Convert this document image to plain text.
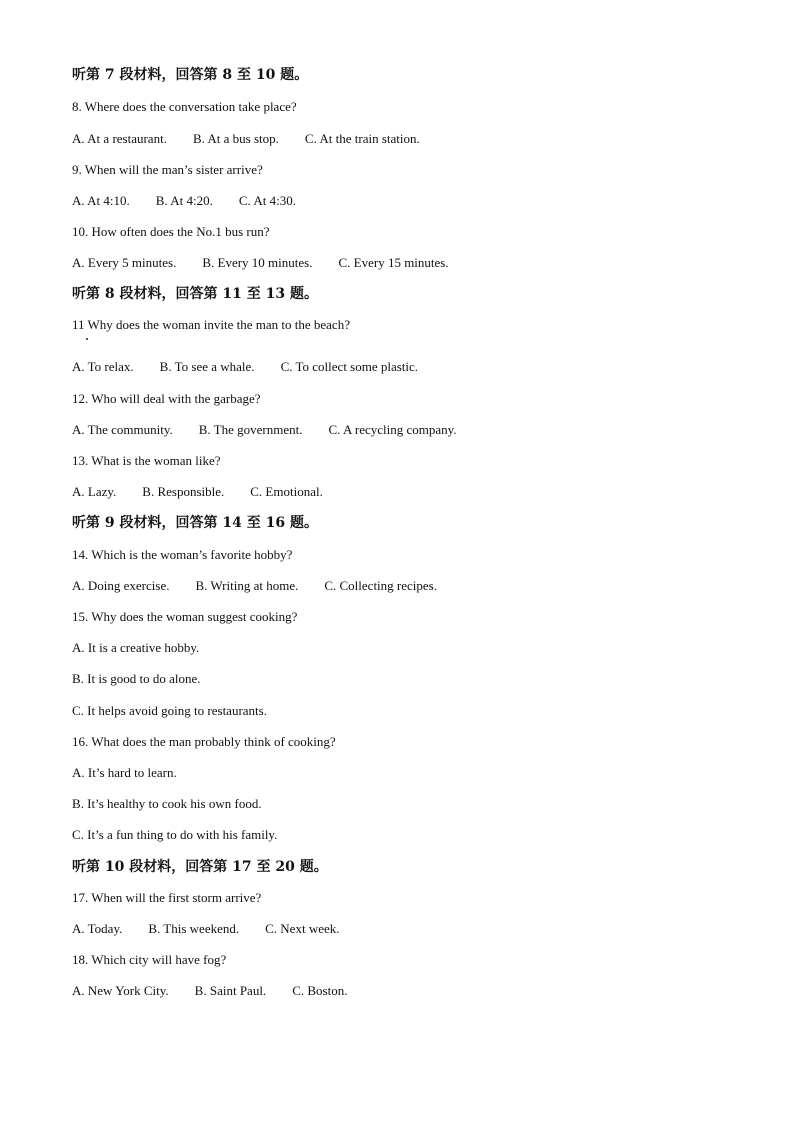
听第 7 段材料，回答第 8 至 10 题。
8. Where does the conversation take place?
A. At a restaurant. B. At a bus stop. C. At the train station.
9. When will the man’s sister arrive?
A. At 4:10. B. At 4:20. C. At 4:30.
10. How often does the No.1 bus run?
A. Every 5 minutes. B. Every 10 minutes. C. Every 15 minutes.
听第 8 段材料，回答第 11 至 13 题。
11 Why does the woman invite the man to the beach?
A. To relax. B. To see a whale. C. To collect some plastic.
12. Who will deal with the garbage?
A. The community. B. The government. C. A recycling company.
13. What is the woman like?
A. Lazy. B. Responsible. C. Emotional.
听第 9 段材料，回答第 14 至 16 题。
14. Which is the woman’s favorite hobby?
A. Doing exercise. B. Writing at home. C. Collecting recipes.
15. Why does the woman suggest cooking?
A. It is a creative hobby.
B. It is good to do alone.
C. It helps avoid going to restaurants.
16. What does the man probably think of cooking?
A. It’s hard to learn.
B. It’s healthy to cook his own food.
C. It’s a fun thing to do with his family.
听第 10 段材料，回答第 17 至 20 题。
17. When will the first storm arrive?
A. Today. B. This weekend. C. Next week.
18. Which city will have fog?
A. New York City. B. Saint Paul. C. Boston.
